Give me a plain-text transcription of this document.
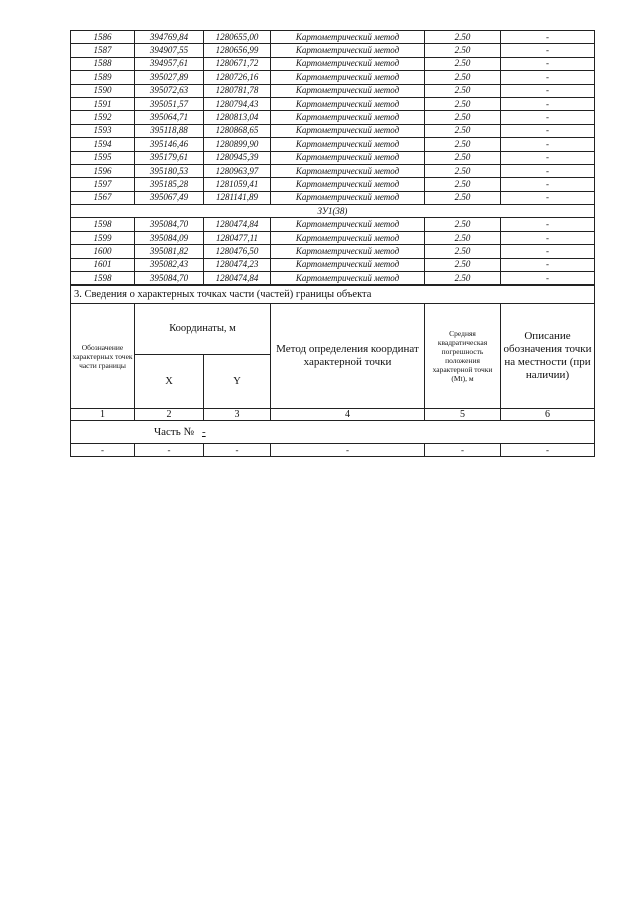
1586	394769,84	1280655,00	Картометрический метод	2.50	-
1587	394907,55	1280656,99	Картометрический метод	2.50	-
1588	394957,61	1280671,72	Картометрический метод	2.50	-
1589	395027,89	1280726,16	Картометрический метод	2.50	-
1590	395072,63	1280781,78	Картометрический метод	2.50	-
1591	395051,57	1280794,43	Картометрический метод	2.50	-
1592	395064,71	1280813,04	Картометрический метод	2.50	-
1593	395118,88	1280868,65	Картометрический метод	2.50	-
1594	395146,46	1280899,90	Картометрический метод	2.50	-
1595	395179,61	1280945,39	Картометрический метод	2.50	-
1596	395180,53	1280963,97	Картометрический метод	2.50	-
1597	395185,28	1281059,41	Картометрический метод	2.50	-
1567	395067,49	1281141,89	Картометрический метод	2.50	-
ЗУ1(38)					
1598	395084,70	1280474,84	Картометрический метод	2.50	-
1599	395084,09	1280477,11	Картометрический метод	2.50	-
1600	395081,82	1280476,50	Картометрический метод	2.50	-
1601	395082,43	1280474,23	Картометрический метод	2.50	-
1598	395084,70	1280474,84	Картометрический метод	2.50	-
3. Сведения о характерных точках части (частей) границы объекта					
Обозначение характерных точек части границы	Координаты, м		Метод определения координат характерной точки	Средняя квадратическая погрешность положения характерной точки (Мt), м	Описание обозначения точки на местности (при наличии)
	X	Y			
1	2	3	4	5	6
Часть № -					
-	-	-	-	-	-
